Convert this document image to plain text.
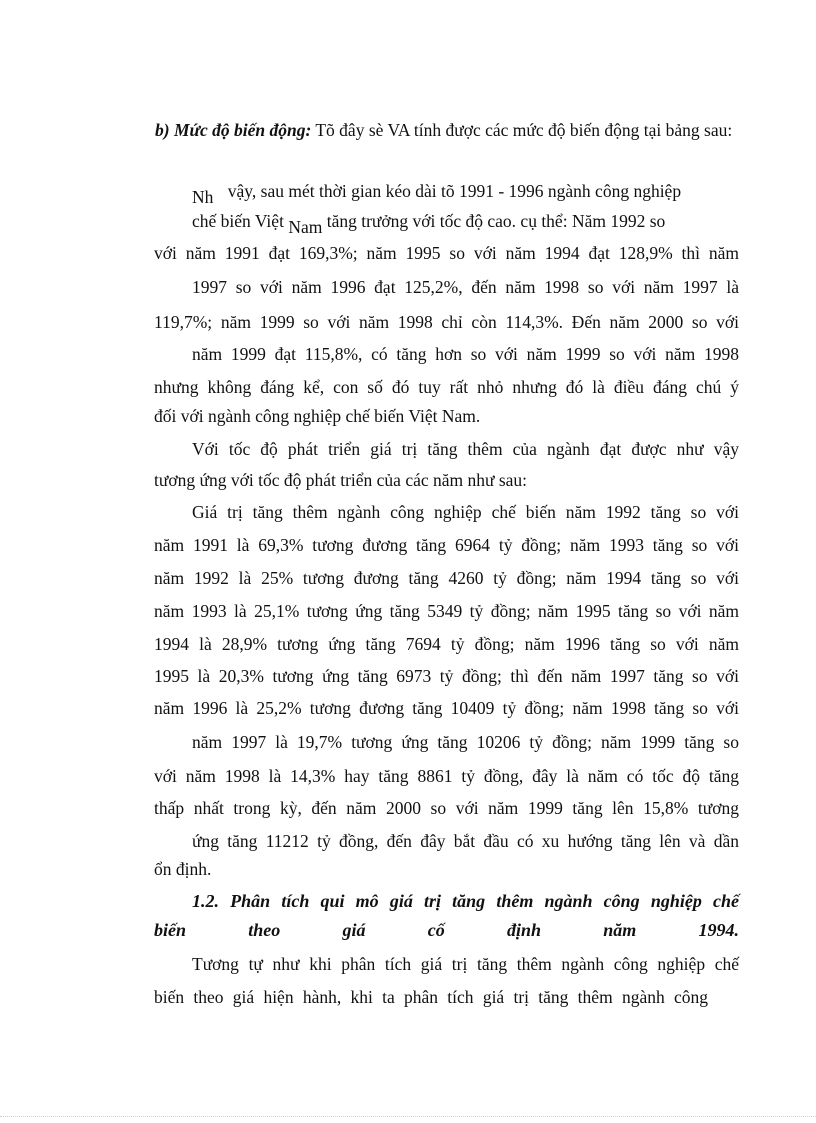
b) Mức độ biến động: Tõ đây sè VA tính được các mức độ biến động tại bảng sau:
Nh vậy, sau mét thời gian kéo dài tõ 1991 - 1996 ngành công nghiệp
chế biến Việt Nam tăng trưởng với tốc độ cao. cụ thể: Năm 1992 so
với năm 1991 đạt 169,3%; năm 1995 so với năm 1994 đạt 128,9% thì năm
1997 so với năm 1996 đạt 125,2%, đến năm 1998 so với năm 1997 là
119,7%; năm 1999 so với năm 1998 chỉ còn 114,3%. Đến năm 2000 so với
năm 1999 đạt 115,8%, có tăng hơn so với năm 1999 so với năm 1998
nhưng không đáng kể, con số đó tuy rất nhỏ nhưng đó là điều đáng chú ý
đối với ngành công nghiệp chế biến Việt Nam.
Với tốc độ phát triển giá trị tăng thêm của ngành đạt được như vậy
tương ứng với tốc độ phát triển của các năm như sau:
Giá trị tăng thêm ngành công nghiệp chế biến năm 1992 tăng so với
năm 1991 là 69,3% tương đương tăng 6964 tỷ đồng; năm 1993 tăng so với
năm 1992 là 25% tương đương tăng 4260 tỷ đồng; năm 1994 tăng so với
năm 1993 là 25,1% tương ứng tăng 5349 tỷ đồng; năm 1995 tăng so với năm
1994 là 28,9% tương ứng tăng 7694 tỷ đồng; năm 1996 tăng so với năm
1995 là 20,3% tương ứng tăng 6973 tỷ đồng; thì đến năm 1997 tăng so với
năm 1996 là 25,2% tương đương tăng 10409 tỷ đồng; năm 1998 tăng so với
năm 1997 là 19,7% tương ứng tăng 10206 tỷ đồng; năm 1999 tăng so
với năm 1998 là 14,3% hay tăng 8861 tỷ đồng, đây là năm có tốc độ tăng
thấp nhất trong kỳ, đến năm 2000 so với năm 1999 tăng lên 15,8% tương
ứng tăng 11212 tỷ đồng, đến đây bắt đầu có xu hướng tăng lên và dần
ổn định.
1.2. Phân tích qui mô giá trị tăng thêm ngành công nghiệp chế
biến theo giá cố định năm 1994.
Tương tự như khi phân tích giá trị tăng thêm ngành công nghiệp chế
biến theo giá hiện hành, khi ta phân tích giá trị tăng thêm ngành công
